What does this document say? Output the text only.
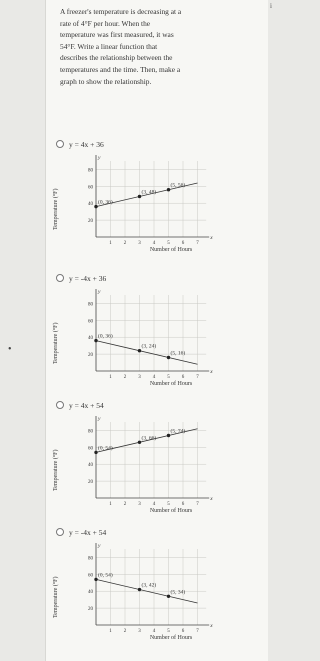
i
•
A freezer's temperature is decreasing at a
rate of 4°F per hour. When the
temperature was first measured, it was
54°F. Write a linear function that
describes the relationship between the
temperatures and the time. Then, make a
graph to show the relationship.
y = 4x + 36
Temperature (°F)
y
x
20
40
60
80
1 2 3 4 5 6 7
(0, 36)
(3, 48)
(5, 56)
Number of Hours
y = -4x + 36
Temperature (°F)
y
x
20
40
60
80
1 2 3 4 5 6 7
(0, 36)
(3, 24)
(5, 16)
Number of Hours
y = 4x + 54
Temperature (°F)
y
x
20
40
60
80
1 2 3 4 5 6 7
(0, 54)
(3, 66)
(5, 74)
Number of Hours
y = -4x + 54
Temperature (°F)
y
x
20
40
60
80
1 2 3 4 5 6 7
(0, 54)
(3, 42)
(5, 34)
Number of Hours
